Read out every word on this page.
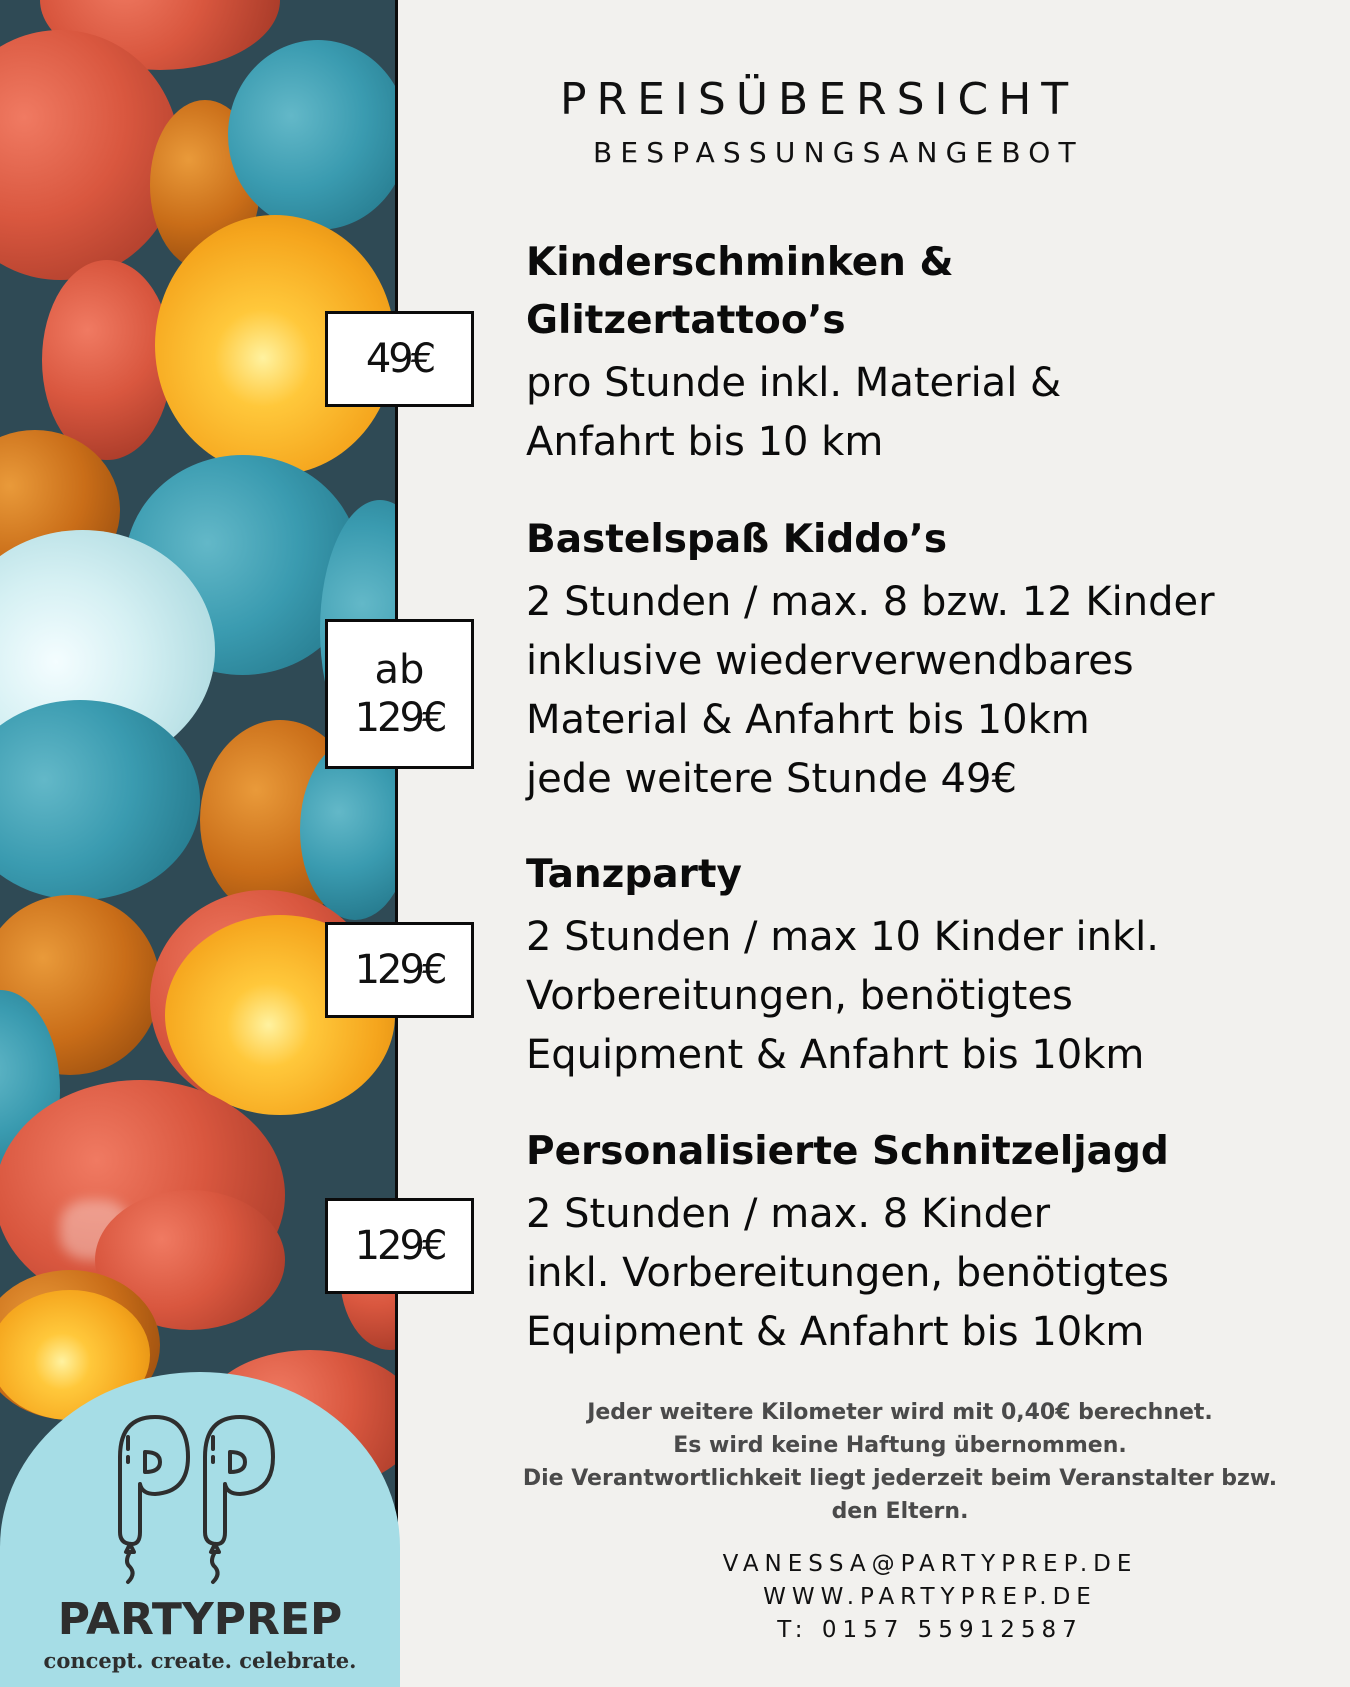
PARTYPREP
concept. create. celebrate.
PREISÜBERSICHT
BESPASSUNGSANGEBOT
49€
ab
129€
129€
129€
Kinderschminken &
Glitzertattoo’s
pro Stunde inkl. Material &
Anfahrt bis 10 km
Bastelspaß Kiddo’s
2 Stunden / max. 8 bzw. 12 Kinder
inklusive wiederverwendbares
Material & Anfahrt bis 10km
jede weitere Stunde 49€
Tanzparty
2 Stunden / max 10 Kinder inkl.
Vorbereitungen, benötigtes
Equipment & Anfahrt bis 10km
Personalisierte Schnitzeljagd
2 Stunden / max. 8 Kinder
inkl. Vorbereitungen, benötigtes
Equipment & Anfahrt bis 10km
Jeder weitere Kilometer wird mit 0,40€ berechnet.
Es wird keine Haftung übernommen.
Die Verantwortlichkeit liegt jederzeit beim Veranstalter bzw.
den Eltern.
VANESSA@PARTYPREP.DE
WWW.PARTYPREP.DE
T: 0157 55912587
